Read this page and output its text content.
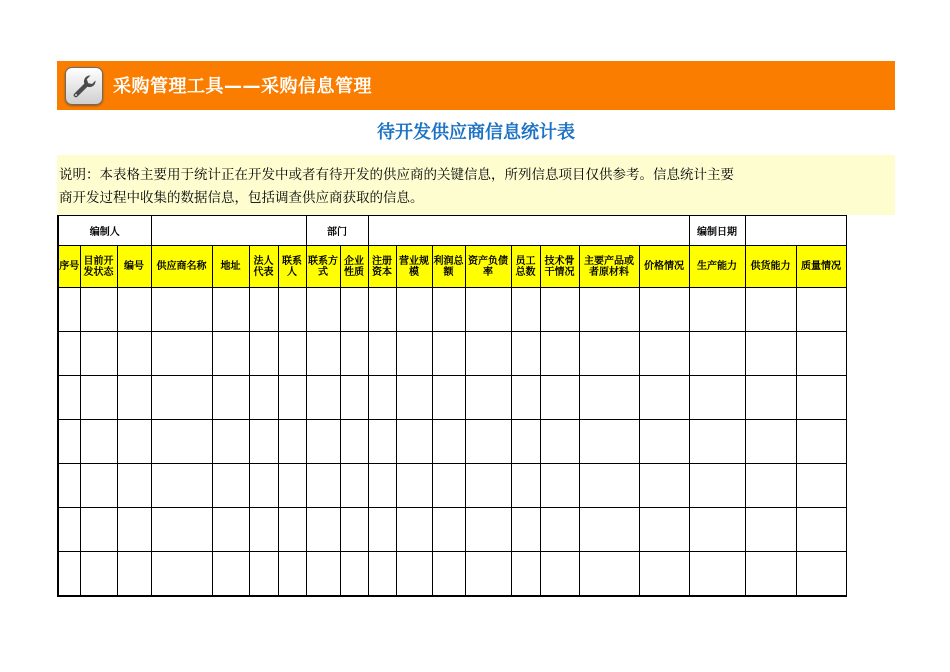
采购管理工具——采购信息管理
待开发供应商信息统计表
说明：本表格主要用于统计正在开发中或者有待开发的供应商的关键信息，所列信息项目仅供参考。信息统计主要
商开发过程中收集的数据信息，包括调查供应商获取的信息。
编制人							部门										编制日期		
序号	目前开发状态	编号	供应商名称	地址	法人代表	联系人	联系方式	企业性质	注册资本	营业规模	利润总额	资产负债率	员工总数	技术骨干情况	主要产品或者原材料	价格情况	生产能力	供货能力	质量情况
